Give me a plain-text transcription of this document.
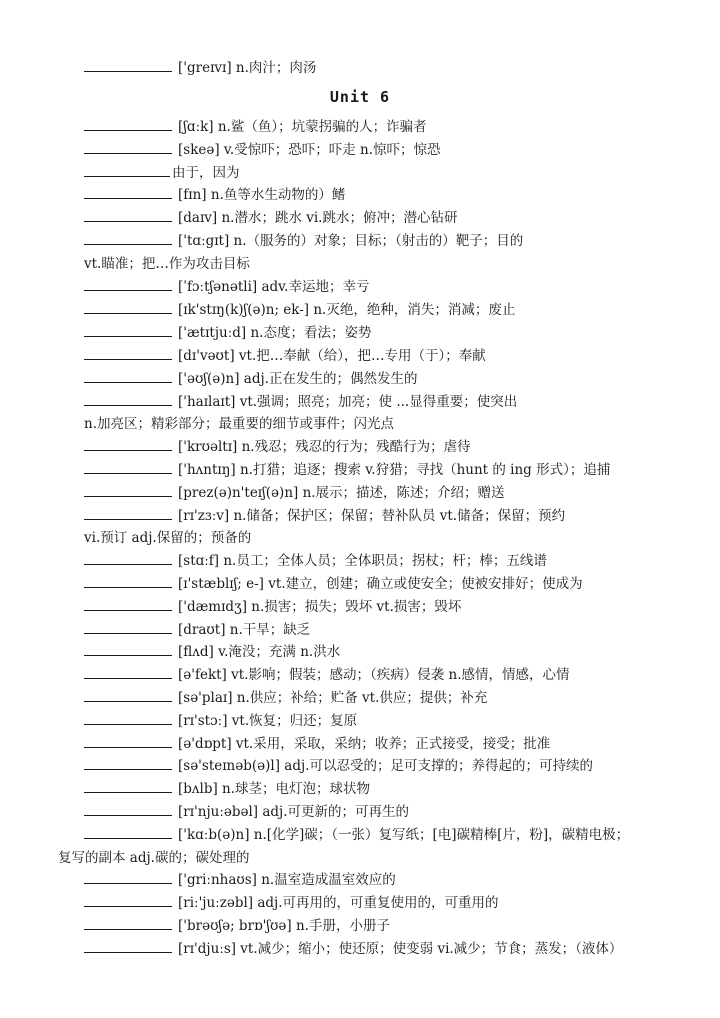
['greɪvɪ] n.肉汁；肉汤
Unit 6
[ʃɑːk] n.鲨（鱼）；坑蒙拐骗的人；诈骗者
[skeə] v.受惊吓；恐吓；吓走 n.惊吓；惊恐
由于，因为
[fɪn] n.鱼等水生动物的）鳍
[daɪv] n.潜水；跳水 vi.跳水；俯冲；潜心钻研
['tɑːgɪt] n.（服务的）对象；目标；（射击的）靶子；目的
vt.瞄准；把…作为攻击目标
[ˈfɔːtʃənətli] adv.幸运地；幸亏
[ɪk'stɪŋ(k)ʃ(ə)n; ek-] n.灭绝，绝种，消失；消减；废止
['ætɪtjuːd] n.态度；看法；姿势
[dɪ'vəʊt] vt.把…奉献（给），把…专用（于）；奉献
['əʊʃ(ə)n] adj.正在发生的；偶然发生的
['haɪlaɪt] vt.强调；照亮；加亮；使 ...显得重要；使突出
n.加亮区；精彩部分；最重要的细节或事件；闪光点
['krʊəltɪ] n.残忍；残忍的行为；残酷行为；虐待
['hʌntɪŋ] n.打猎；追逐；搜索 v.狩猎；寻找（hunt 的 ing 形式）；追捕
[prez(ə)n'teɪʃ(ə)n] n.展示；描述，陈述；介绍；赠送
[rɪ'zɜːv] n.储备；保护区；保留；替补队员 vt.储备；保留；预约
vi.预订 adj.保留的；预备的
[stɑːf] n.员工；全体人员；全体职员；拐杖；杆；棒；五线谱
[ɪ'stæblɪʃ; e-] vt.建立，创建；确立或使安全；使被安排好；使成为
['dæmɪdʒ] n.损害；损失；毁坏 vt.损害；毁坏
[draʊt] n.干旱；缺乏
[flʌd] v.淹没；充满 n.洪水
[ə'fekt] vt.影响；假装；感动；（疾病）侵袭 n.感情，情感，心情
[sə'plaɪ] n.供应；补给；贮备 vt.供应；提供；补充
[rɪ'stɔː] vt.恢复；归还；复原
[ə'dɒpt] vt.采用，采取，采纳；收养；正式接受，接受；批准
[sə'steɪnəb(ə)l] adj.可以忍受的；足可支撑的；养得起的；可持续的
[bʌlb] n.球茎；电灯泡；球状物
[rɪ'njuːəbəl] adj.可更新的；可再生的
['kɑːb(ə)n] n.[化学]碳；（一张）复写纸；[电]碳精棒[片，粉]，碳精电极；
复写的副本 adj.碳的；碳处理的
['griːnhaʊs] n.温室造成温室效应的
[riː'juːzəbl] adj.可再用的，可重复使用的，可重用的
['brəʊʃə; brɒ'ʃʊə] n.手册，小册子
[rɪ'djuːs] vt.减少；缩小；使还原；使变弱 vi.减少；节食；蒸发；（液体）
